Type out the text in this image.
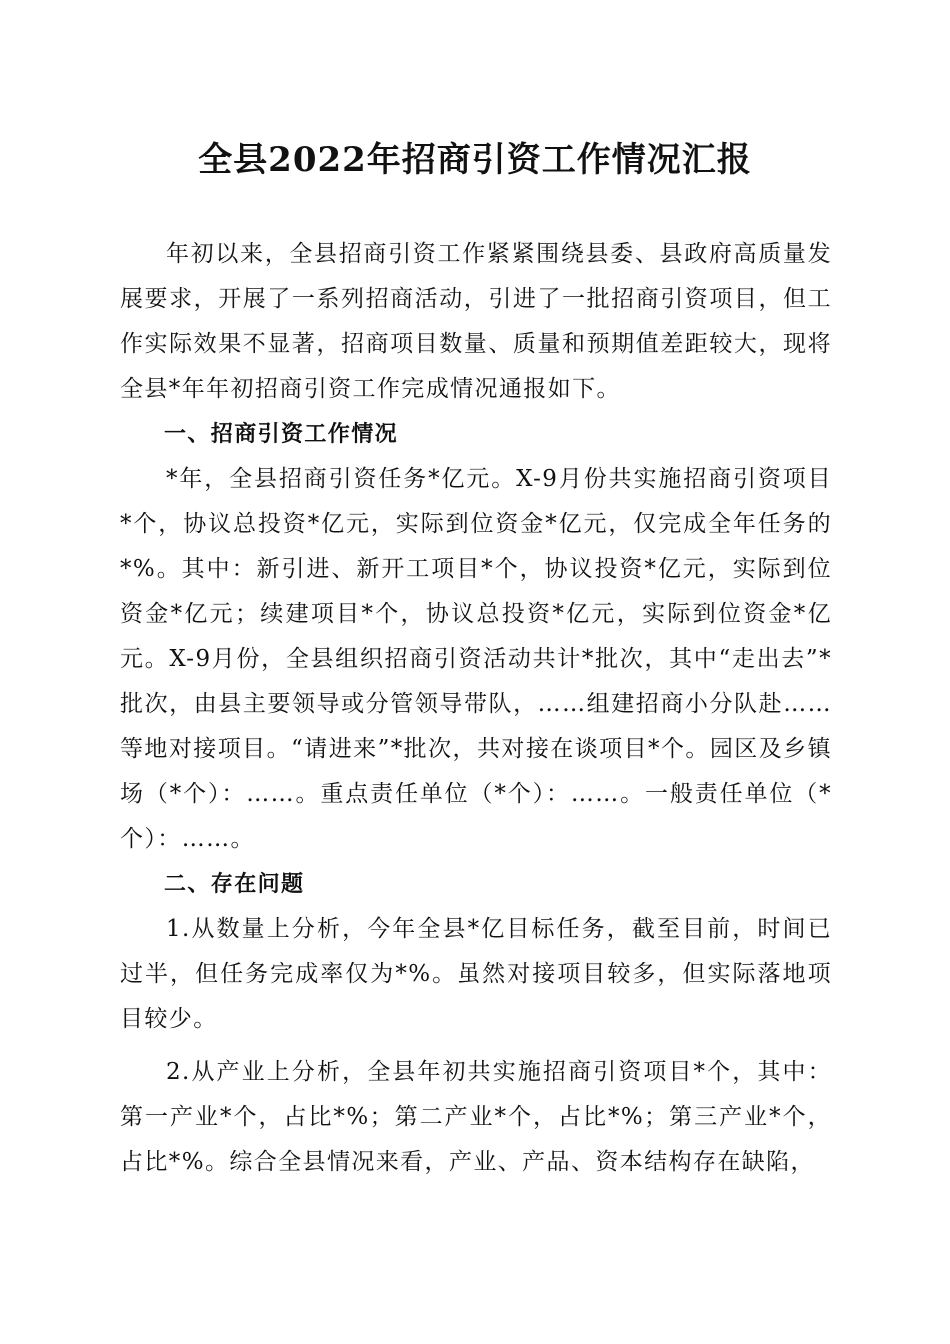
全县2022年招商引资工作情况汇报

年初以来，全县招商引资工作紧紧围绕县委、县政府高质量发展要求，开展了一系列招商活动，引进了一批招商引资项目，但工作实际效果不显著，招商项目数量、质量和预期值差距较大，现将全县*年年初招商引资工作完成情况通报如下。

一、招商引资工作情况

*年，全县招商引资任务*亿元。X-9月份共实施招商引资项目*个，协议总投资*亿元，实际到位资金*亿元，仅完成全年任务的*%。其中：新引进、新开工项目*个，协议投资*亿元，实际到位资金*亿元；续建项目*个，协议总投资*亿元，实际到位资金*亿元。X-9月份，全县组织招商引资活动共计*批次，其中“走出去”*批次，由县主要领导或分管领导带队，……组建招商小分队赴……等地对接项目。“请进来”*批次，共对接在谈项目*个。园区及乡镇场（*个）：……。重点责任单位（*个）：……。一般责任单位（*个）：……。

二、存在问题

1.从数量上分析，今年全县*亿目标任务，截至目前，时间已过半，但任务完成率仅为*%。虽然对接项目较多，但实际落地项目较少。

2.从产业上分析，全县年初共实施招商引资项目*个，其中：第一产业*个，占比*%；第二产业*个，占比*%；第三产业*个，占比*%。综合全县情况来看，产业、产品、资本结构存在缺陷，
